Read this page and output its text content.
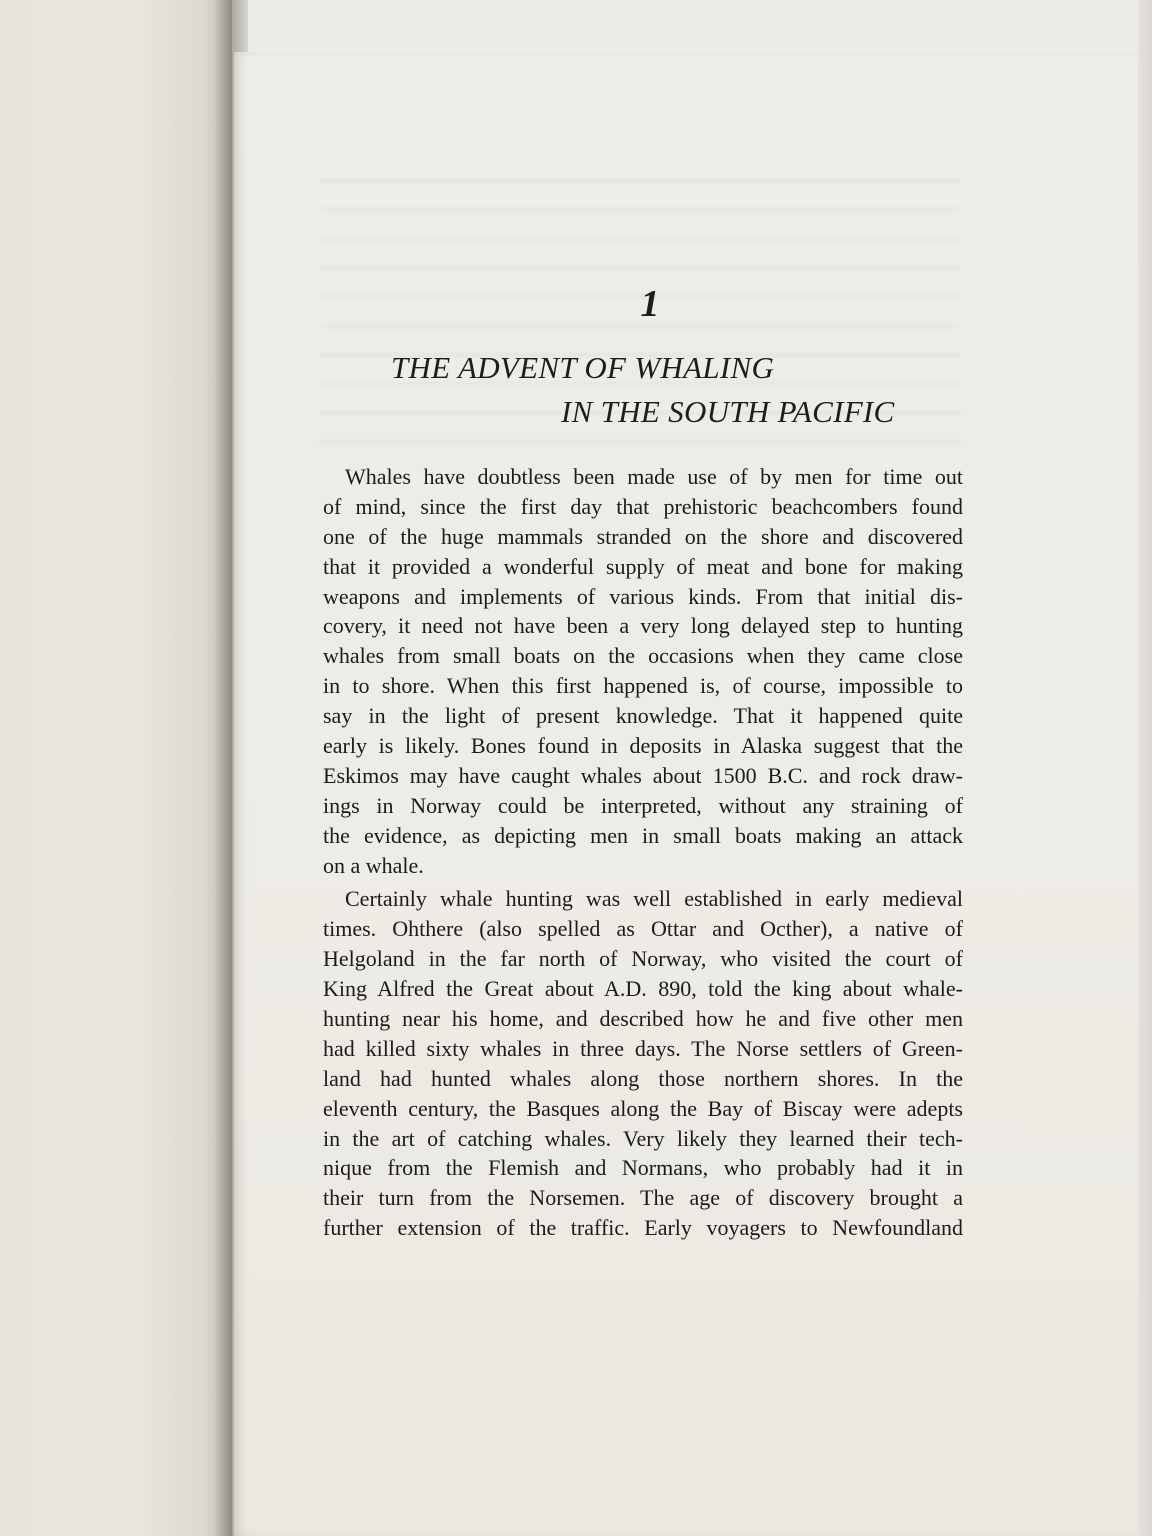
1
THE ADVENT OF WHALING
IN THE SOUTH PACIFIC
Whales have doubtless been made use of by men for time out
of mind, since the first day that prehistoric beachcombers found
one of the huge mammals stranded on the shore and discovered
that it provided a wonderful supply of meat and bone for making
weapons and implements of various kinds. From that initial dis-
covery, it need not have been a very long delayed step to hunting
whales from small boats on the occasions when they came close
in to shore. When this first happened is, of course, impossible to
say in the light of present knowledge. That it happened quite
early is likely. Bones found in deposits in Alaska suggest that the
Eskimos may have caught whales about 1500 B.C. and rock draw-
ings in Norway could be interpreted, without any straining of
the evidence, as depicting men in small boats making an attack
on a whale.
Certainly whale hunting was well established in early medieval
times. Ohthere (also spelled as Ottar and Octher), a native of
Helgoland in the far north of Norway, who visited the court of
King Alfred the Great about A.D. 890, told the king about whale-
hunting near his home, and described how he and five other men
had killed sixty whales in three days. The Norse settlers of Green-
land had hunted whales along those northern shores. In the
eleventh century, the Basques along the Bay of Biscay were adepts
in the art of catching whales. Very likely they learned their tech-
nique from the Flemish and Normans, who probably had it in
their turn from the Norsemen. The age of discovery brought a
further extension of the traffic. Early voyagers to Newfoundland
